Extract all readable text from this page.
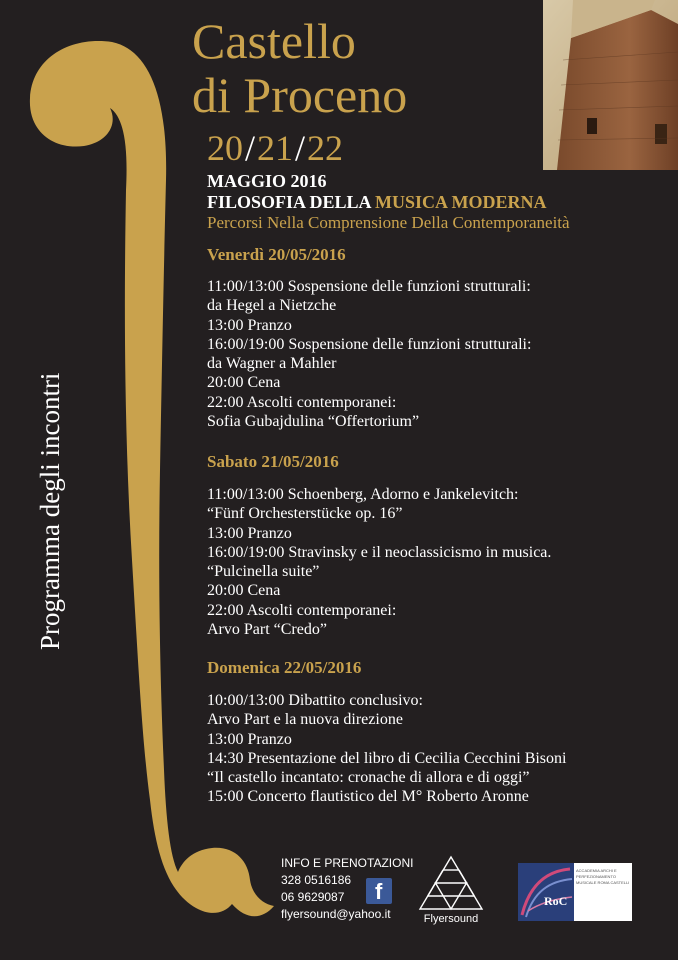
Programma degli incontri
Castello
di Proceno
20/21/22
MAGGIO 2016
FILOSOFIA DELLA MUSICA MODERNA
Percorsi Nella Comprensione Della Contemporaneità
Venerdì 20/05/2016
11:00/13:00 Sospensione delle funzioni strutturali:
da Hegel a Nietzche
13:00 Pranzo
16:00/19:00 Sospensione delle funzioni strutturali:
da Wagner a Mahler
20:00 Cena
22:00 Ascolti contemporanei:
Sofia Gubajdulina “Offertorium”
Sabato 21/05/2016
11:00/13:00 Schoenberg, Adorno e Jankelevitch:
“Fünf Orchesterstücke op. 16”
13:00 Pranzo
16:00/19:00 Stravinsky e il neoclassicismo in musica.
“Pulcinella suite”
20:00 Cena
22:00 Ascolti contemporanei:
Arvo Part “Credo”
Domenica 22/05/2016
10:00/13:00 Dibattito conclusivo:
Arvo Part e la nuova direzione
13:00 Pranzo
14:30 Presentazione del libro di Cecilia Cecchini Bisoni
“Il castello incantato: cronache di allora e di oggi”
15:00 Concerto flautistico del M° Roberto Aronne
INFO E PRENOTAZIONI
328 0516186
06 9629087
flyersound@yahoo.it
f
Flyersound
RoC
ACCADEMIA ARCHI E PERFEZIONAMENTO MUSICALE ROMA CASTELLI
